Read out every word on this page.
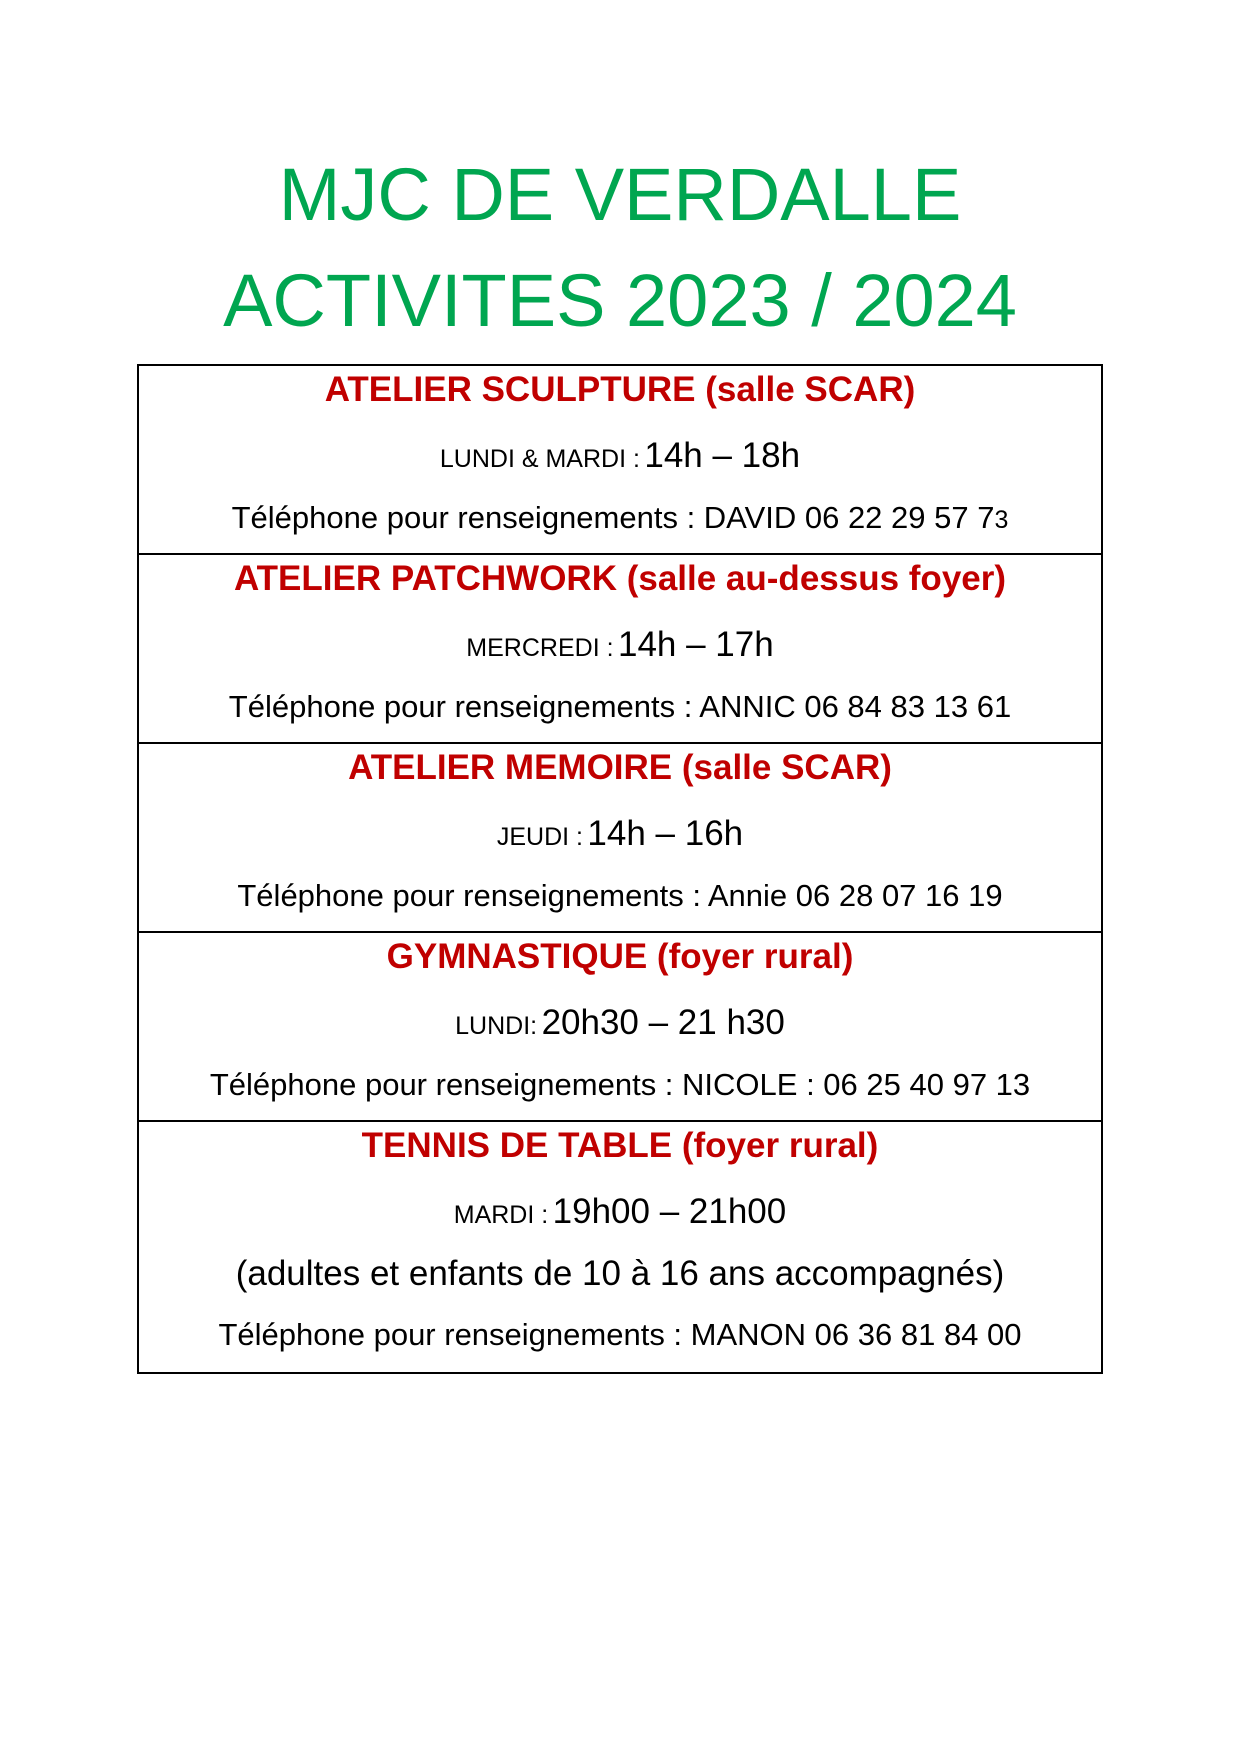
MJC DE VERDALLE
ACTIVITES 2023 / 2024
ATELIER SCULPTURE (salle SCAR)
LUNDI & MARDI : 14h – 18h
Téléphone pour renseignements : DAVID 06 22 29 57 73
ATELIER PATCHWORK (salle au-dessus foyer)
MERCREDI : 14h – 17h
Téléphone pour renseignements : ANNIC 06 84 83 13 61
ATELIER MEMOIRE (salle SCAR)
JEUDI : 14h – 16h
Téléphone pour renseignements : Annie 06 28 07 16 19
GYMNASTIQUE (foyer rural)
LUNDI: 20h30 – 21 h30
Téléphone pour renseignements : NICOLE : 06 25 40 97 13
TENNIS DE TABLE (foyer rural)
MARDI : 19h00 – 21h00
(adultes et enfants de 10 à 16 ans accompagnés)
Téléphone pour renseignements : MANON 06 36 81 84 00
